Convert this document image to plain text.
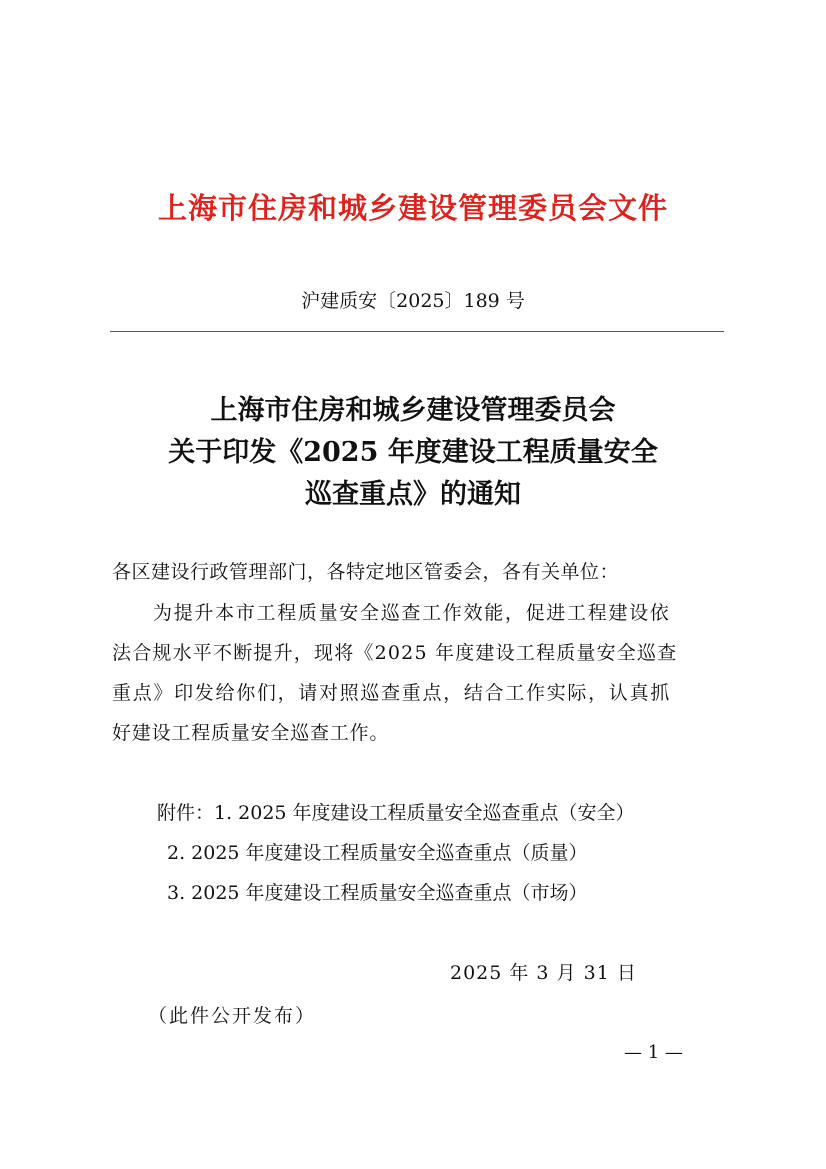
上海市住房和城乡建设管理委员会文件
沪建质安〔2025〕189 号
上海市住房和城乡建设管理委员会
关于印发《2025 年度建设工程质量安全
巡查重点》的通知
各区建设行政管理部门，各特定地区管委会，各有关单位：
为提升本市工程质量安全巡查工作效能，促进工程建设依
法合规水平不断提升，现将《2025 年度建设工程质量安全巡查
重点》印发给你们，请对照巡查重点，结合工作实际，认真抓
好建设工程质量安全巡查工作。
附件：1. 2025 年度建设工程质量安全巡查重点（安全）
2. 2025 年度建设工程质量安全巡查重点（质量）
3. 2025 年度建设工程质量安全巡查重点（市场）
2025 年 3 月 31 日
（此件公开发布）
— 1 —
